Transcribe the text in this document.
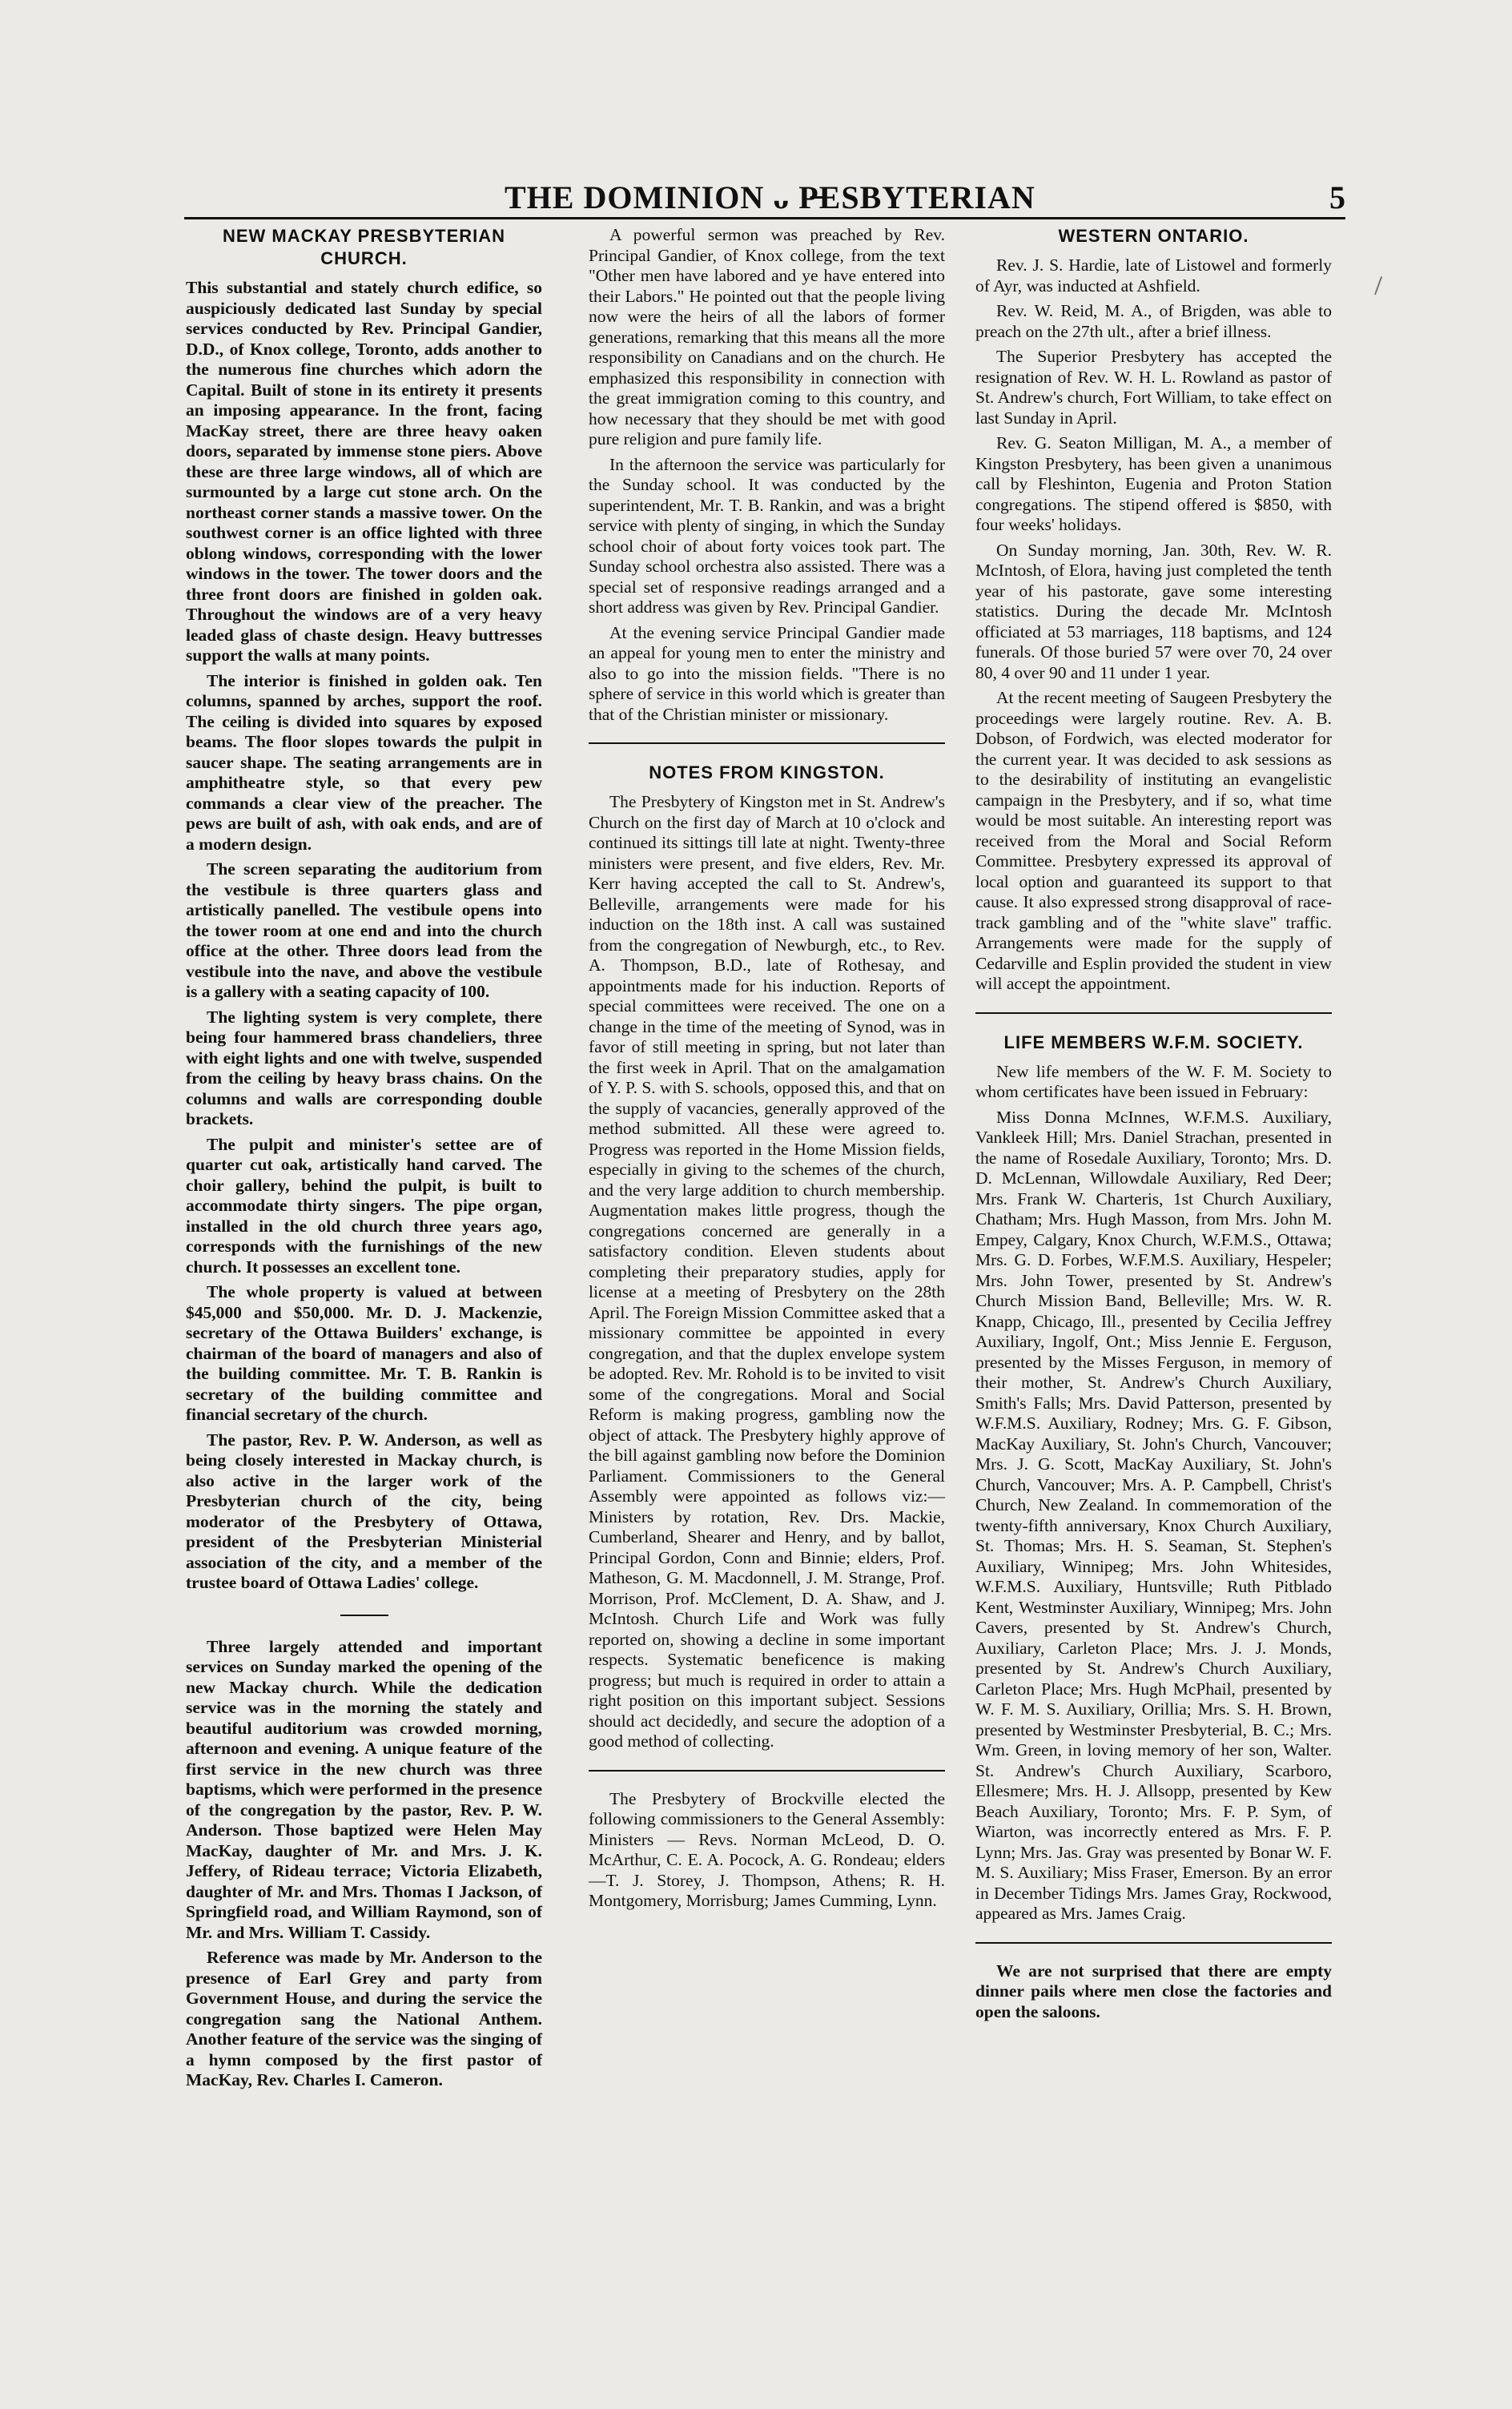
THE DOMINION ᴗ P̶ESBYTERIAN	5
NEW MACKAY PRESBYTERIAN CHURCH.

This substantial and stately church edifice, so auspiciously dedicated last Sunday by special services conducted by Rev. Principal Gandier, D.D., of Knox college, Toronto, adds another to the numerous fine churches which adorn the Capital. Built of stone in its entirety it presents an imposing appearance. In the front, facing MacKay street, there are three heavy oaken doors, separated by immense stone piers. Above these are three large windows, all of which are surmounted by a large cut stone arch. On the northeast corner stands a massive tower. On the southwest corner is an office lighted with three oblong windows, corresponding with the lower windows in the tower. The tower doors and the three front doors are finished in golden oak. Throughout the windows are of a very heavy leaded glass of chaste design. Heavy buttresses support the walls at many points.

The interior is finished in golden oak. Ten columns, spanned by arches, support the roof. The ceiling is divided into squares by exposed beams. The floor slopes towards the pulpit in saucer shape. The seating arrangements are in amphitheatre style, so that every pew commands a clear view of the preacher. The pews are built of ash, with oak ends, and are of a modern design.

The screen separating the auditorium from the vestibule is three quarters glass and artistically panelled. The vestibule opens into the tower room at one end and into the church office at the other. Three doors lead from the vestibule into the nave, and above the vestibule is a gallery with a seating capacity of 100.

The lighting system is very complete, there being four hammered brass chandeliers, three with eight lights and one with twelve, suspended from the ceiling by heavy brass chains. On the columns and walls are corresponding double brackets.

The pulpit and minister's settee are of quarter cut oak, artistically hand carved. The choir gallery, behind the pulpit, is built to accommodate thirty singers. The pipe organ, installed in the old church three years ago, corresponds with the furnishings of the new church. It possesses an excellent tone.

The whole property is valued at between $45,000 and $50,000. Mr. D. J. Mackenzie, secretary of the Ottawa Builders' exchange, is chairman of the board of managers and also of the building committee. Mr. T. B. Rankin is secretary of the building committee and financial secretary of the church.

The pastor, Rev. P. W. Anderson, as well as being closely interested in Mackay church, is also active in the larger work of the Presbyterian church of the city, being moderator of the Presbytery of Ottawa, president of the Presbyterian Ministerial association of the city, and a member of the trustee board of Ottawa Ladies' college.

Three largely attended and important services on Sunday marked the opening of the new Mackay church. While the dedication service was in the morning the stately and beautiful auditorium was crowded morning, afternoon and evening. A unique feature of the first service in the new church was three baptisms, which were performed in the presence of the congregation by the pastor, Rev. P. W. Anderson. Those baptized were Helen May MacKay, daughter of Mr. and Mrs. J. K. Jeffery, of Rideau terrace; Victoria Elizabeth, daughter of Mr. and Mrs. Thomas I Jackson, of Springfield road, and William Raymond, son of Mr. and Mrs. William T. Cassidy.

Reference was made by Mr. Anderson to the presence of Earl Grey and party from Government House, and during the service the congregation sang the National Anthem. Another feature of the service was the singing of a hymn composed by the first pastor of MacKay, Rev. Charles I. Cameron.

A powerful sermon was preached by Rev. Principal Gandier, of Knox college, from the text "Other men have labored and ye have entered into their Labors." He pointed out that the people living now were the heirs of all the labors of former generations, remarking that this means all the more responsibility on Canadians and on the church. He emphasized this responsibility in connection with the great immigration coming to this country, and how necessary that they should be met with good pure religion and pure family life.

In the afternoon the service was particularly for the Sunday school. It was conducted by the superintendent, Mr. T. B. Rankin, and was a bright service with plenty of singing, in which the Sunday school choir of about forty voices took part. The Sunday school orchestra also assisted. There was a special set of responsive readings arranged and a short address was given by Rev. Principal Gandier.

At the evening service Principal Gandier made an appeal for young men to enter the ministry and also to go into the mission fields. "There is no sphere of service in this world which is greater than that of the Christian minister or missionary.

NOTES FROM KINGSTON.

The Presbytery of Kingston met in St. Andrew's Church on the first day of March at 10 o'clock and continued its sittings till late at night. Twenty-three ministers were present, and five elders, Rev. Mr. Kerr having accepted the call to St. Andrew's, Belleville, arrangements were made for his induction on the 18th inst. A call was sustained from the congregation of Newburgh, etc., to Rev. A. Thompson, B.D., late of Rothesay, and appointments made for his induction. Reports of special committees were received. The one on a change in the time of the meeting of Synod, was in favor of still meeting in spring, but not later than the first week in April. That on the amalgamation of Y. P. S. with S. schools, opposed this, and that on the supply of vacancies, generally approved of the method submitted. All these were agreed to. Progress was reported in the Home Mission fields, especially in giving to the schemes of the church, and the very large addition to church membership. Augmentation makes little progress, though the congregations concerned are generally in a satisfactory condition. Eleven students about completing their preparatory studies, apply for license at a meeting of Presbytery on the 28th April. The Foreign Mission Committee asked that a missionary committee be appointed in every congregation, and that the duplex envelope system be adopted. Rev. Mr. Rohold is to be invited to visit some of the congregations. Moral and Social Reform is making progress, gambling now the object of attack. The Presbytery highly approve of the bill against gambling now before the Dominion Parliament. Commissioners to the General Assembly were appointed as follows viz:—Ministers by rotation, Rev. Drs. Mackie, Cumberland, Shearer and Henry, and by ballot, Principal Gordon, Conn and Binnie; elders, Prof. Matheson, G. M. Macdonnell, J. M. Strange, Prof. Morrison, Prof. McClement, D. A. Shaw, and J. McIntosh. Church Life and Work was fully reported on, showing a decline in some important respects. Systematic beneficence is making progress; but much is required in order to attain a right position on this important subject. Sessions should act decidedly, and secure the adoption of a good method of collecting.

The Presbytery of Brockville elected the following commissioners to the General Assembly: Ministers — Revs. Norman McLeod, D. O. McArthur, C. E. A. Pocock, A. G. Rondeau; elders—T. J. Storey, J. Thompson, Athens; R. H. Montgomery, Morrisburg; James Cumming, Lynn.

WESTERN ONTARIO.

Rev. J. S. Hardie, late of Listowel and formerly of Ayr, was inducted at Ashfield.

Rev. W. Reid, M. A., of Brigden, was able to preach on the 27th ult., after a brief illness.

The Superior Presbytery has accepted the resignation of Rev. W. H. L. Rowland as pastor of St. Andrew's church, Fort William, to take effect on last Sunday in April.

Rev. G. Seaton Milligan, M. A., a member of Kingston Presbytery, has been given a unanimous call by Fleshinton, Eugenia and Proton Station congregations. The stipend offered is $850, with four weeks' holidays.

On Sunday morning, Jan. 30th, Rev. W. R. McIntosh, of Elora, having just completed the tenth year of his pastorate, gave some interesting statistics. During the decade Mr. McIntosh officiated at 53 marriages, 118 baptisms, and 124 funerals. Of those buried 57 were over 70, 24 over 80, 4 over 90 and 11 under 1 year.

At the recent meeting of Saugeen Presbytery the proceedings were largely routine. Rev. A. B. Dobson, of Fordwich, was elected moderator for the current year. It was decided to ask sessions as to the desirability of instituting an evangelistic campaign in the Presbytery, and if so, what time would be most suitable. An interesting report was received from the Moral and Social Reform Committee. Presbytery expressed its approval of local option and guaranteed its support to that cause. It also expressed strong disapproval of race-track gambling and of the "white slave" traffic. Arrangements were made for the supply of Cedarville and Esplin provided the student in view will accept the appointment.

LIFE MEMBERS W.F.M. SOCIETY.

New life members of the W. F. M. Society to whom certificates have been issued in February:

Miss Donna McInnes, W.F.M.S. Auxiliary, Vankleek Hill; Mrs. Daniel Strachan, presented in the name of Rosedale Auxiliary, Toronto; Mrs. D. D. McLennan, Willowdale Auxiliary, Red Deer; Mrs. Frank W. Charteris, 1st Church Auxiliary, Chatham; Mrs. Hugh Masson, from Mrs. John M. Empey, Calgary, Knox Church, W.F.M.S., Ottawa; Mrs. G. D. Forbes, W.F.M.S. Auxiliary, Hespeler; Mrs. John Tower, presented by St. Andrew's Church Mission Band, Belleville; Mrs. W. R. Knapp, Chicago, Ill., presented by Cecilia Jeffrey Auxiliary, Ingolf, Ont.; Miss Jennie E. Ferguson, presented by the Misses Ferguson, in memory of their mother, St. Andrew's Church Auxiliary, Smith's Falls; Mrs. David Patterson, presented by W.F.M.S. Auxiliary, Rodney; Mrs. G. F. Gibson, MacKay Auxiliary, St. John's Church, Vancouver; Mrs. J. G. Scott, MacKay Auxiliary, St. John's Church, Vancouver; Mrs. A. P. Campbell, Christ's Church, New Zealand. In commemoration of the twenty-fifth anniversary, Knox Church Auxiliary, St. Thomas; Mrs. H. S. Seaman, St. Stephen's Auxiliary, Winnipeg; Mrs. John Whitesides, W.F.M.S. Auxiliary, Huntsville; Ruth Pitblado Kent, Westminster Auxiliary, Winnipeg; Mrs. John Cavers, presented by St. Andrew's Church, Auxiliary, Carleton Place; Mrs. J. J. Monds, presented by St. Andrew's Church Auxiliary, Carleton Place; Mrs. Hugh McPhail, presented by W. F. M. S. Auxiliary, Orillia; Mrs. S. H. Brown, presented by Westminster Presbyterial, B. C.; Mrs. Wm. Green, in loving memory of her son, Walter. St. Andrew's Church Auxiliary, Scarboro, Ellesmere; Mrs. H. J. Allsopp, presented by Kew Beach Auxiliary, Toronto; Mrs. F. P. Sym, of Wiarton, was incorrectly entered as Mrs. F. P. Lynn; Mrs. Jas. Gray was presented by Bonar W. F. M. S. Auxiliary; Miss Fraser, Emerson. By an error in December Tidings Mrs. James Gray, Rockwood, appeared as Mrs. James Craig.

We are not surprised that there are empty dinner pails where men close the factories and open the saloons.
